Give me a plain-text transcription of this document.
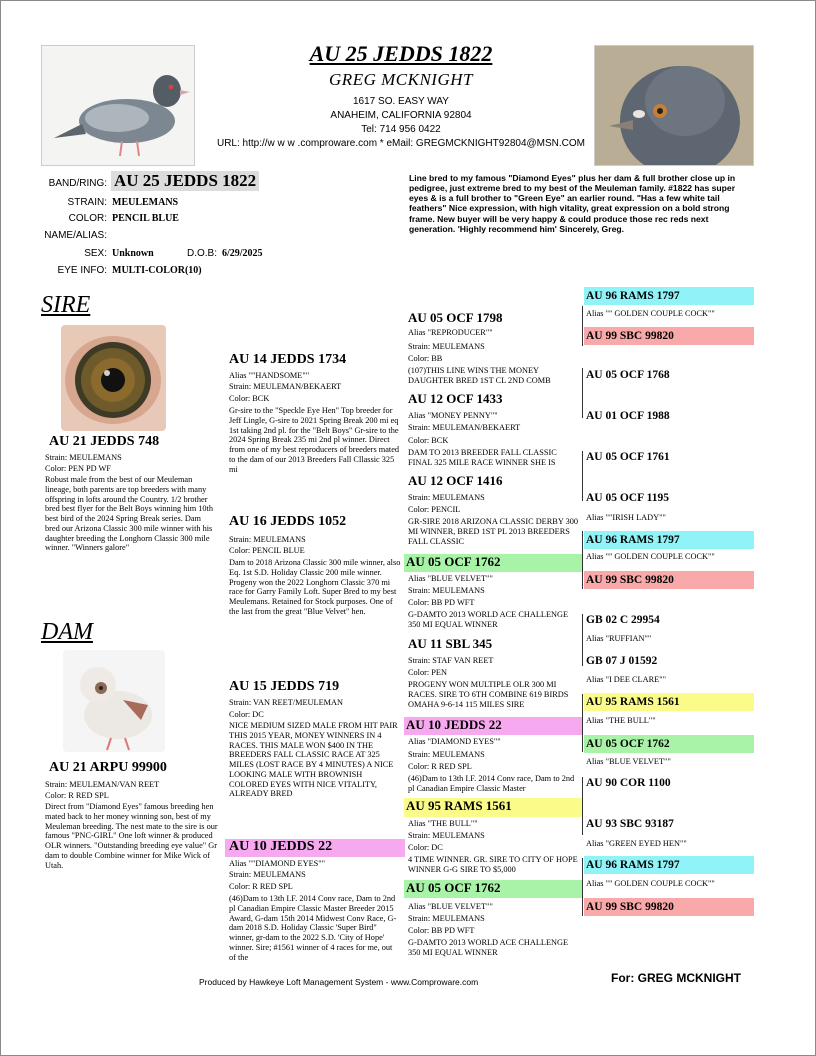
AU 25 JEDDS 1822
GREG MCKNIGHT
1617 SO. EASY WAY
ANAHEIM, CALIFORNIA 92804
Tel: 714 956 0422
URL: http://w w w .comproware.com * eMail: GREGMCKNIGHT92804@MSN.COM
BAND/RING: AU 25 JEDDS 1822
STRAIN: MEULEMANS
COLOR: PENCIL BLUE
NAME/ALIAS:
SEX: Unknown	D.O.B: 6/29/2025
EYE INFO: MULTI-COLOR(10)
Line bred to my famous "Diamond Eyes" plus her dam & full brother close up in pedigree, just extreme bred to my best of the Meuleman family. #1822 has super eyes & is a full brother to "Green Eye" an earlier round. "Has a few white tail feathers" Nice expression, with high vitality, great expression on a bold strong frame. New buyer will be very happy & could produce those rec reds next generation. 'Highly recommend him' Sincerely, Greg.
SIRE
AU 21 JEDDS 748
Strain: MEULEMANS
Color: PEN PD WF
Robust male from the best of our Meuleman lineage, both parents are top breeders with many offspring in lofts around the Country. 1/2 brother bred best flyer for the Belt Boys winning him 10th best bird of the 2024 Spring Break series. Dam bred our Arizona Classic 300 mile winner with his daughter breeding the Longhorn Classic 300 mile winner. "Winners galore"
DAM
AU 21 ARPU 99900
Strain: MEULEMAN/VAN REET
Color: R RED SPL
Direct from "Diamond Eyes" famous breeding hen mated back to her money winning son, best of my Meuleman breeding. The nest mate to the sire is our famous "PNC-GIRL" One loft winner & produced OLR winners. "Outstanding breeding eye value" Gr dam to double Combine winner for Mike Wick of Utah.
AU 14 JEDDS 1734
Alias ""HANDSOME""
Strain: MEULEMAN/BEKAERT
Color: BCK
Gr-sire to the "Speckle Eye Hen" Top breeder for Jeff Lingle, G-sire to 2021 Spring Break 200 mi eq 1st taking 2nd pl. for the "Belt Boys" Gr-sire to the 2024 Spring Break 235 mi 2nd pl winner. Direct from one of my best reproducers of breeders mated to the dam of our 2013 Breeders Fall Cllassic 325 mi
AU 16 JEDDS 1052
Strain: MEULEMANS
Color: PENCIL BLUE
Dam to 2018 Arizona Classic 300 mile winner, also Eq. 1st S.D. Holiday Classic 200 mile winner. Progeny won the 2022 Longhorn Classic 370 mi race for Garry Family Loft. Super Bred to my best Meulemans. Retained for Stock purposes. One of the last from the great "Blue Velvet" hen.
AU 15 JEDDS 719
Strain: VAN REET/MEULEMAN
Color: DC
NICE MEDIUM SIZED MALE FROM HIT PAIR THIS 2015 YEAR, MONEY WINNERS IN 4 RACES. THIS MALE WON $400 IN THE BREEDERS FALL CLASSIC RACE AT 325 MILES (LOST RACE BY 4 MINUTES) A NICE LOOKING MALE WITH BROWNISH COLORED EYES WITH NICE VITALITY, ALREADY BRED
AU 10 JEDDS 22
Alias ""DIAMOND EYES""
Strain: MEULEMANS
Color: R RED SPL
(46)Dam to 13th I.F. 2014 Conv race, Dam to 2nd pl Canadian Empire Classic Master Breeder 2015 Award, G-dam 15th 2014 Midwest Conv Race, G-dam 2018 S.D. Holiday Classic 'Super Bird" winner, gr-dam to the 2022 S.D. 'City of Hope' winner. Sire; #1561 winner of 4 races for me, out of the
AU 05 OCF 1798
Alias "REPRODUCER""
Strain: MEULEMANS
Color: BB
(107)THIS LINE WINS THE MONEY DAUGHTER BRED 1ST CL 2ND COMB
AU 12 OCF 1433
Alias "MONEY PENNY""
Strain: MEULEMAN/BEKAERT
Color: BCK
DAM TO 2013 BREEDER FALL CLASSIC FINAL 325 MILE RACE WINNER SHE IS
AU 12 OCF 1416
Strain: MEULEMANS
Color: PENCIL
GR-SIRE 2018 ARIZONA CLASSIC DERBY 300 MI WINNER, BRED 1ST PL 2013 BREEDERS FALL CLASSIC
AU 05 OCF 1762
Alias "BLUE VELVET""
Strain: MEULEMANS
Color: BB PD WFT
G-DAMTO 2013 WORLD ACE CHALLENGE 350 MI EQUAL WINNER
AU 11 SBL 345
Strain: STAF VAN REET
Color: PEN
PROGENY WON MULTIPLE OLR 300 MI RACES. SIRE TO 6TH COMBINE 619 BIRDS OMAHA 9-6-14 115 MILES SIRE
AU 10 JEDDS 22
Alias "DIAMOND EYES""
Strain: MEULEMANS
Color: R RED SPL
(46)Dam to 13th I.F. 2014 Conv race, Dam to 2nd pl Canadian Empire Classic Master
AU 95 RAMS 1561
Alias "THE BULL""
Strain: MEULEMANS
Color: DC
4 TIME WINNER. GR. SIRE TO CITY OF HOPE WINNER G-G SIRE TO $5,000
AU 05 OCF 1762
Alias "BLUE VELVET""
Strain: MEULEMANS
Color: BB PD WFT
G-DAMTO 2013 WORLD ACE CHALLENGE 350 MI EQUAL WINNER
AU 96 RAMS 1797
Alias "" GOLDEN COUPLE COCK""
AU 99 SBC 99820
AU 05 OCF 1768
AU 01 OCF 1988
AU 05 OCF 1761
AU 05 OCF 1195
Alias ""IRISH LADY""
AU 96 RAMS 1797
Alias "" GOLDEN COUPLE COCK""
AU 99 SBC 99820
GB 02 C 29954
Alias "RUFFIAN""
GB 07 J 01592
Alias "I DEE CLARE""
AU 95 RAMS 1561
Alias "THE BULL""
AU 05 OCF 1762
Alias "BLUE VELVET""
AU 90 COR 1100
AU 93 SBC 93187
Alias "GREEN EYED HEN""
AU 96 RAMS 1797
Alias "" GOLDEN COUPLE COCK""
AU 99 SBC 99820
Produced by Hawkeye Loft Management System - www.Comproware.com	For: GREG MCKNIGHT
